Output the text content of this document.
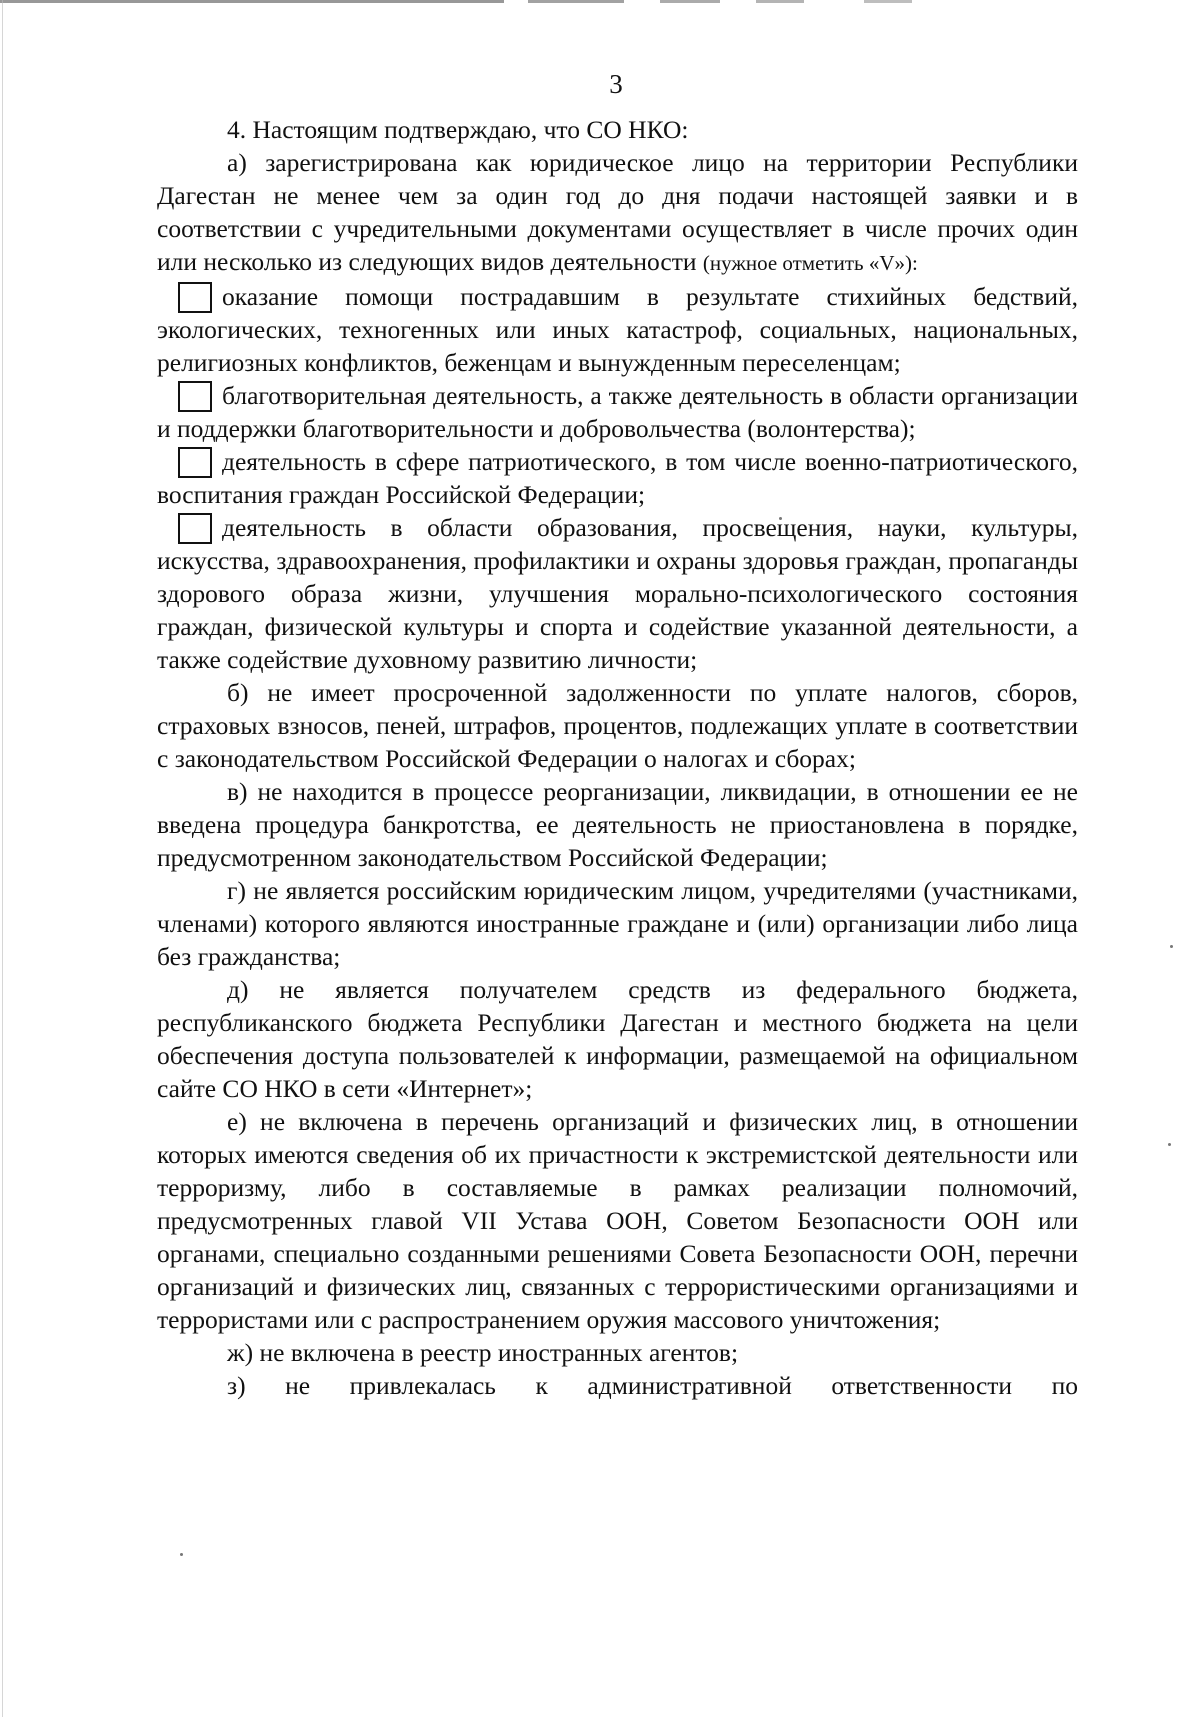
3

4. Настоящим подтверждаю, что СО НКО:

а) зарегистрирована как юридическое лицо на территории Республики Дагестан не менее чем за один год до дня подачи настоящей заявки и в соответствии с учредительными документами осуществляет в числе прочих один или несколько из следующих видов деятельности (нужное отметить «V»):

оказание помощи пострадавшим в результате стихийных бедствий, экологических, техногенных или иных катастроф, социальных, национальных, религиозных конфликтов, беженцам и вынужденным переселенцам;

благотворительная деятельность, а также деятельность в области организации и поддержки благотворительности и добровольчества (волонтерства);

деятельность в сфере патриотического, в том числе военно-патриотического, воспитания граждан Российской Федерации;

деятельность в области образования, просвещения, науки, культуры, искусства, здравоохранения, профилактики и охраны здоровья граждан, пропаганды здорового образа жизни, улучшения морально-психологического состояния граждан, физической культуры и спорта и содействие указанной деятельности, а также содействие духовному развитию личности;

б) не имеет просроченной задолженности по уплате налогов, сборов, страховых взносов, пеней, штрафов, процентов, подлежащих уплате в соответствии с законодательством Российской Федерации о налогах и сборах;

в) не находится в процессе реорганизации, ликвидации, в отношении ее не введена процедура банкротства, ее деятельность не приостановлена в порядке, предусмотренном законодательством Российской Федерации;

г) не является российским юридическим лицом, учредителями (участниками, членами) которого являются иностранные граждане и (или) организации либо лица без гражданства;

д) не является получателем средств из федерального бюджета, республиканского бюджета Республики Дагестан и местного бюджета на цели обеспечения доступа пользователей к информации, размещаемой на официальном сайте СО НКО в сети «Интернет»;

е) не включена в перечень организаций и физических лиц, в отношении которых имеются сведения об их причастности к экстремистской деятельности или терроризму, либо в составляемые в рамках реализации полномочий, предусмотренных главой VII Устава ООН, Советом Безопасности ООН или органами, специально созданными решениями Совета Безопасности ООН, перечни организаций и физических лиц, связанных с террористическими организациями и террористами или с распространением оружия массового уничтожения;

ж) не включена в реестр иностранных агентов;

з) не привлекалась к административной ответственности по
